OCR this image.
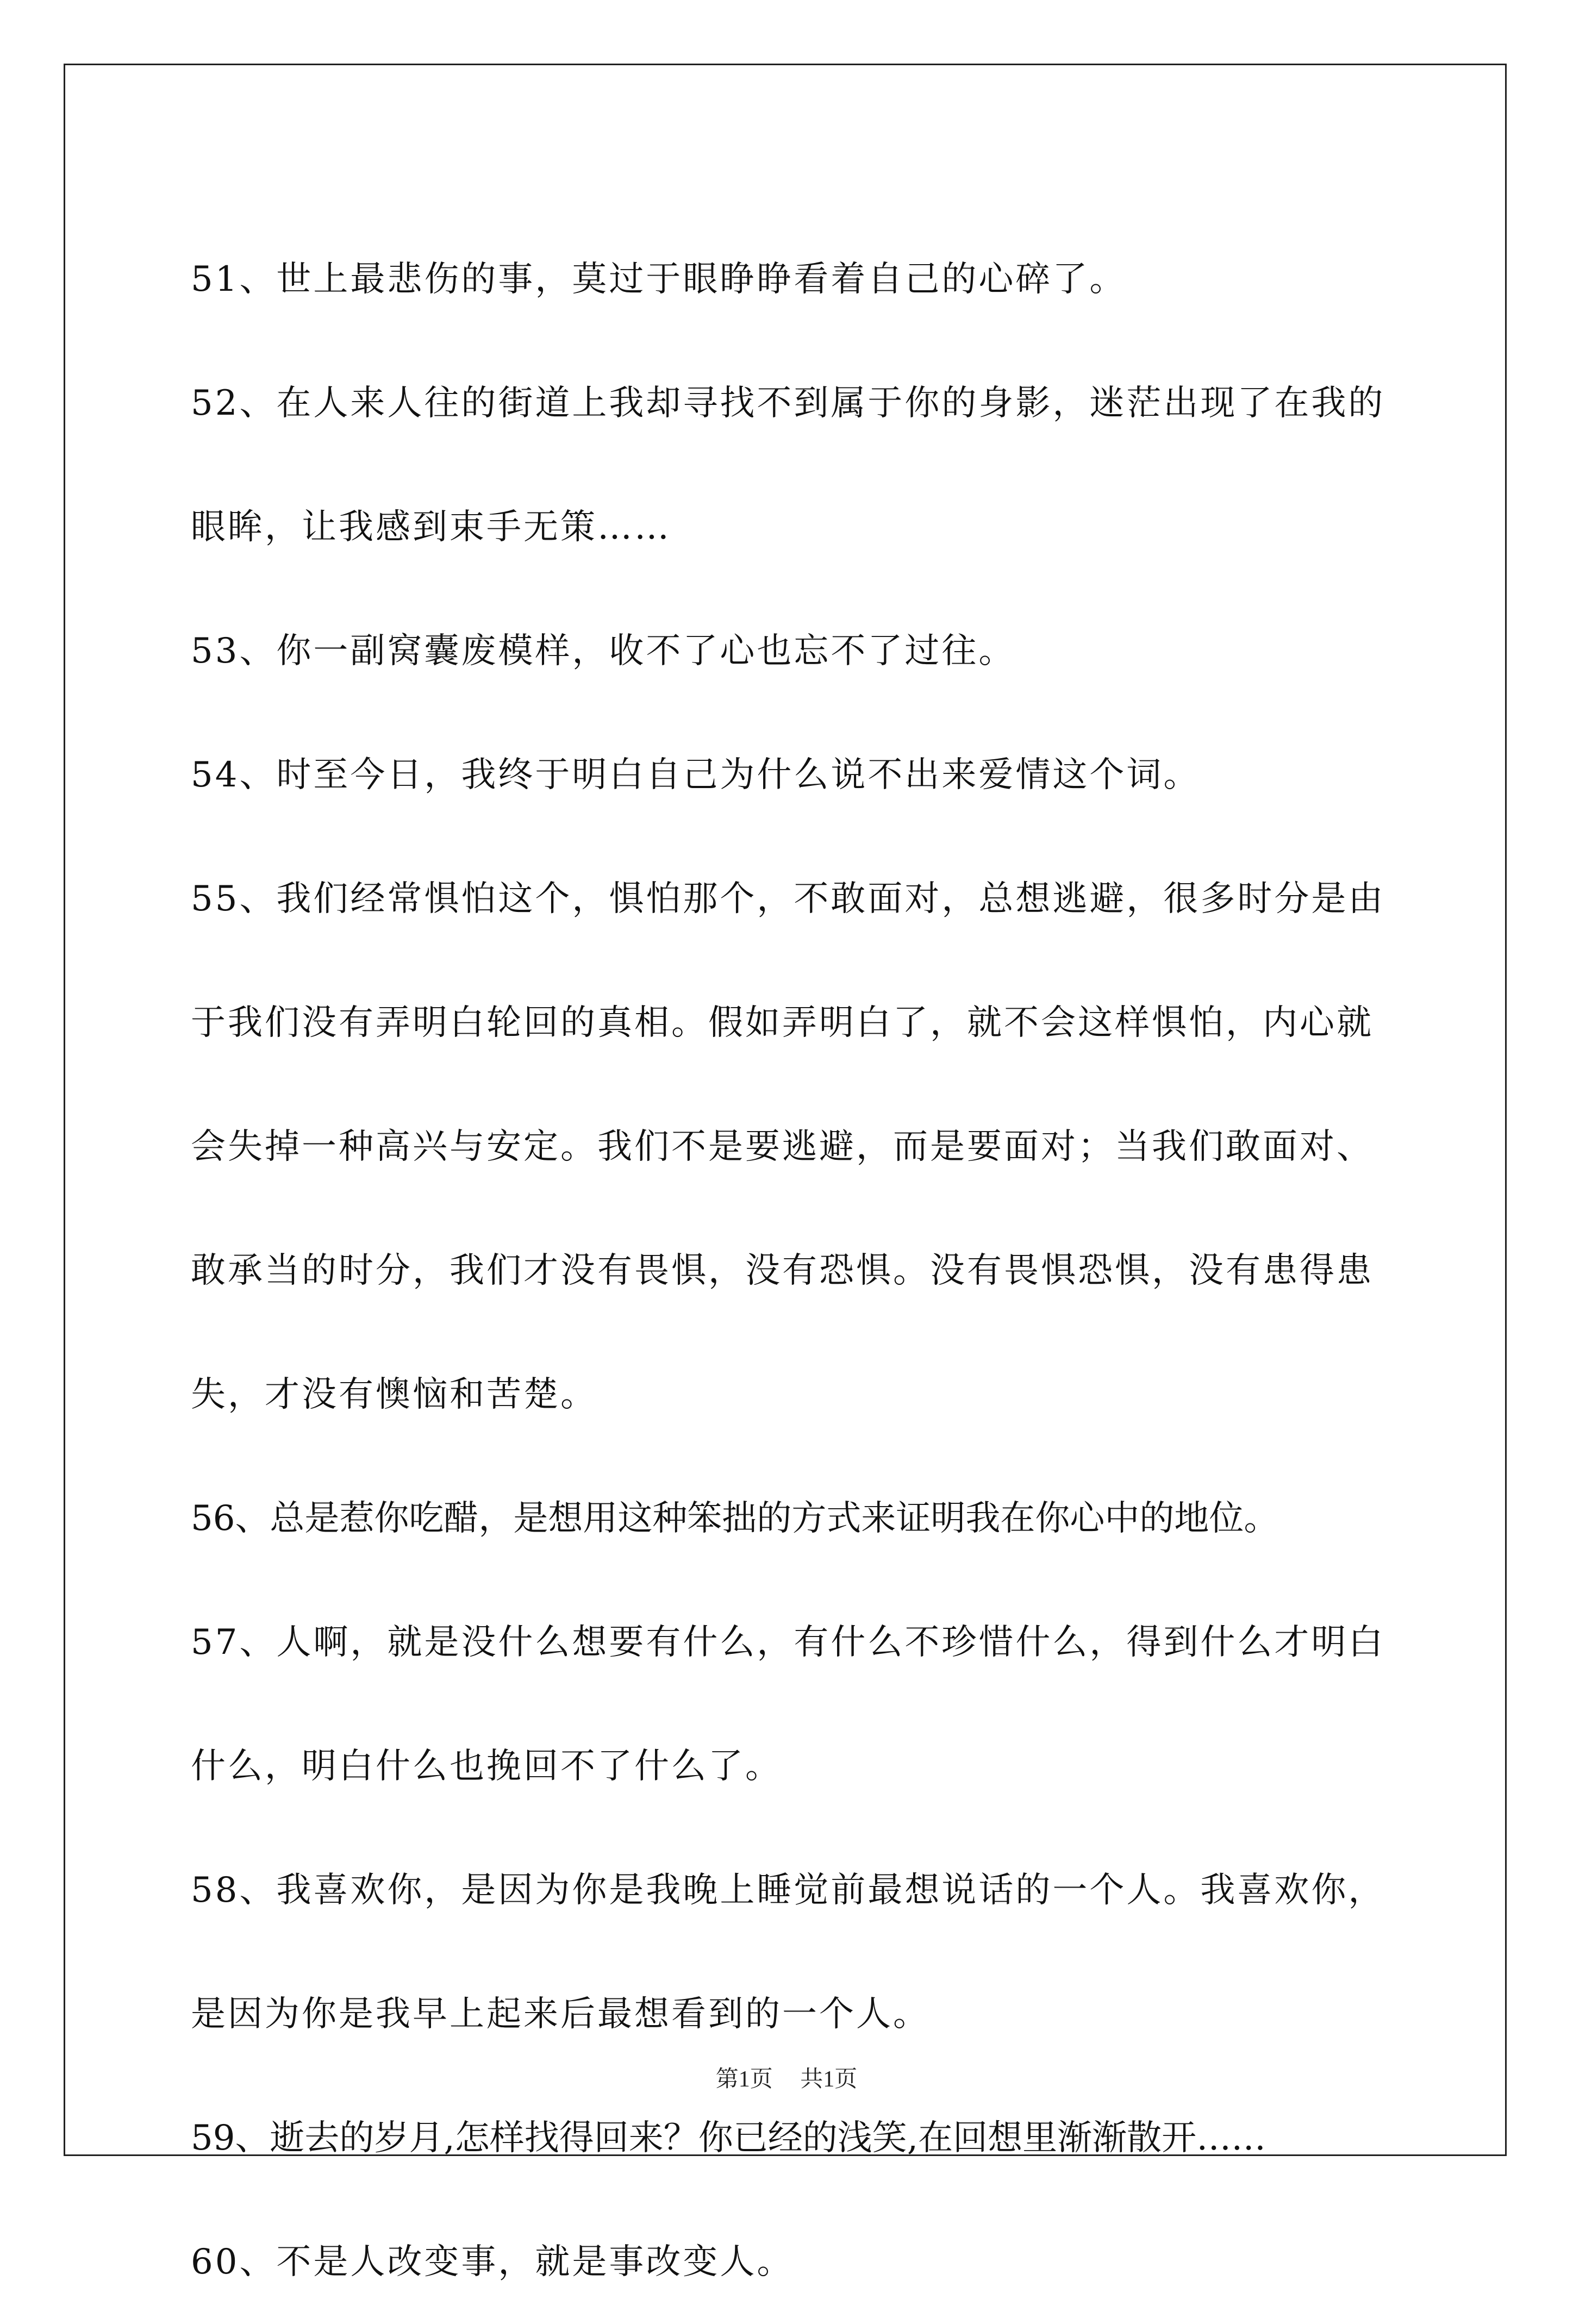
51、世上最悲伤的事，莫过于眼睁睁看着自己的心碎了。

52、在人来人往的街道上我却寻找不到属于你的身影，迷茫出现了在我的眼眸，让我感到束手无策……

53、你一副窝囊废模样，收不了心也忘不了过往。

54、时至今日，我终于明白自己为什么说不出来爱情这个词。

55、我们经常惧怕这个，惧怕那个，不敢面对，总想逃避，很多时分是由于我们没有弄明白轮回的真相。假如弄明白了，就不会这样惧怕，内心就会失掉一种高兴与安定。我们不是要逃避，而是要面对；当我们敢面对、敢承当的时分，我们才没有畏惧，没有恐惧。没有畏惧恐惧，没有患得患失，才没有懊恼和苦楚。

56、总是惹你吃醋，是想用这种笨拙的方式来证明我在你心中的地位。

57、人啊，就是没什么想要有什么，有什么不珍惜什么，得到什么才明白什么，明白什么也挽回不了什么了。

58、我喜欢你，是因为你是我晚上睡觉前最想说话的一个人。我喜欢你，是因为你是我早上起来后最想看到的一个人。

59、逝去的岁月,怎样找得回来？你已经的浅笑,在回想里渐渐散开……

60、不是人改变事，就是事改变人。

第1页 共1页
